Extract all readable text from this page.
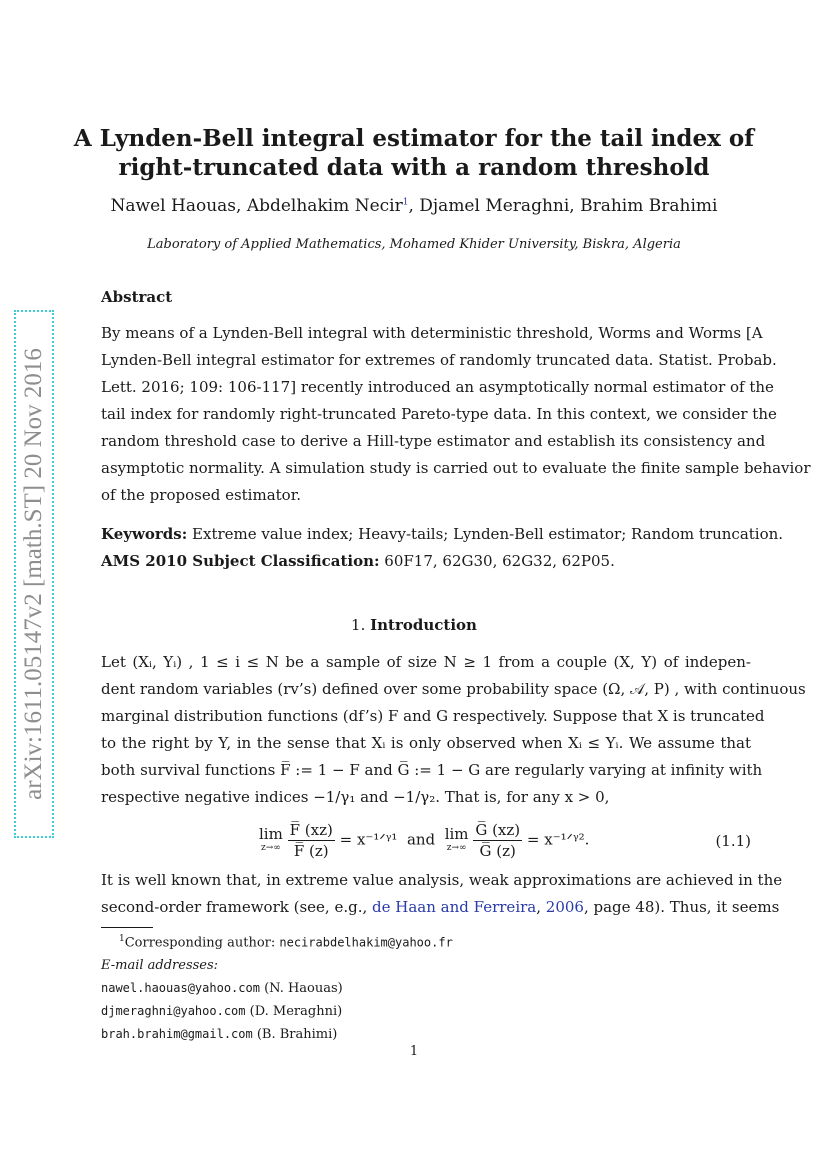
arXiv:1611.05147v2 [math.ST] 20 Nov 2016
A Lynden-Bell integral estimator for the tail index of
right-truncated data with a random threshold
Nawel Haouas, Abdelhakim Necir$^1$, Djamel Meraghni, Brahim Brahimi
Laboratory of Applied Mathematics, Mohamed Khider University, Biskra, Algeria
Abstract
By means of a Lynden-Bell integral with deterministic threshold, Worms and Worms [A
Lynden-Bell integral estimator for extremes of randomly truncated data. Statist. Probab.
Lett. 2016; 109: 106-117] recently introduced an asymptotically normal estimator of the
tail index for randomly right-truncated Pareto-type data. In this context, we consider the
random threshold case to derive a Hill-type estimator and establish its consistency and
asymptotic normality. A simulation study is carried out to evaluate the finite sample behavior
of the proposed estimator.
Keywords: Extreme value index; Heavy-tails; Lynden-Bell estimator; Random truncation.
AMS 2010 Subject Classification: 60F17, 62G30, 62G32, 62P05.
1. Introduction
Let (Xᵢ, Yᵢ) , 1 ≤ i ≤ N be a sample of size N ≥ 1 from a couple (X, Y) of indepen-
dent random variables (rv’s) defined over some probability space (Ω, 𝒜, P) , with continuous
marginal distribution functions (df’s) F and G respectively. Suppose that X is truncated
to the right by Y, in the sense that Xᵢ is only observed when Xᵢ ≤ Yᵢ. We assume that
both survival functions F̅ := 1 − F and G̅ := 1 − G are regularly varying at infinity with
respective negative indices −1/γ₁ and −1/γ₂. That is, for any x > 0,
lim
z→∞
$\frac{F̅ (xz)}{F̅ (z)}$ = x⁻¹ᐟᵞ¹ and lim
z→∞
$\frac{G̅ (xz)}{G̅ (z)}$ = x⁻¹ᐟᵞ².	(1.1)
It is well known that, in extreme value analysis, weak approximations are achieved in the
second-order framework (see, e.g., de Haan and Ferreira, 2006, page 48). Thus, it seems
$^1$Corresponding author: necirabdelhakim@yahoo.fr
E-mail addresses:
nawel.haouas@yahoo.com (N. Haouas)
djmeraghni@yahoo.com (D. Meraghni)
brah.brahim@gmail.com (B. Brahimi)
1
